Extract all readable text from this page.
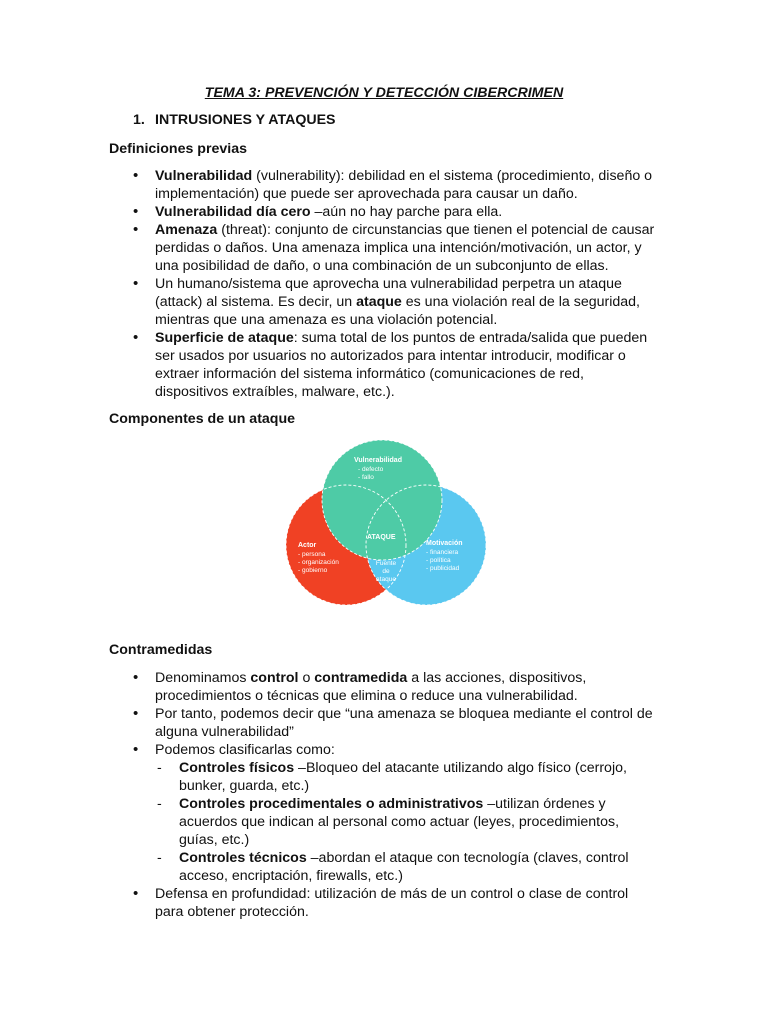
TEMA 3: PREVENCIÓN Y DETECCIÓN CIBERCRIMEN
1. INTRUSIONES Y ATAQUES
Definiciones previas
• Vulnerabilidad (vulnerability): debilidad en el sistema (procedimiento, diseño o implementación) que puede ser aprovechada para causar un daño.
• Vulnerabilidad día cero –aún no hay parche para ella.
• Amenaza (threat): conjunto de circunstancias que tienen el potencial de causar perdidas o daños. Una amenaza implica una intención/motivación, un actor, y una posibilidad de daño, o una combinación de un subconjunto de ellas.
• Un humano/sistema que aprovecha una vulnerabilidad perpetra un ataque (attack) al sistema. Es decir, un ataque es una violación real de la seguridad, mientras que una amenaza es una violación potencial.
• Superficie de ataque: suma total de los puntos de entrada/salida que pueden ser usados por usuarios no autorizados para intentar introducir, modificar o extraer información del sistema informático (comunicaciones de red, dispositivos extraíbles, malware, etc.).
Componentes de un ataque
Vulnerabilidad
- defecto
- fallo
Actor
- persona
- organización
- gobierno
Motivación
- financiera
- política
- publicidad
ATAQUE
Fuente
de
ataque
Contramedidas
• Denominamos control o contramedida a las acciones, dispositivos, procedimientos o técnicas que elimina o reduce una vulnerabilidad.
• Por tanto, podemos decir que “una amenaza se bloquea mediante el control de alguna vulnerabilidad”
• Podemos clasificarlas como:
- Controles físicos –Bloqueo del atacante utilizando algo físico (cerrojo, bunker, guarda, etc.)
- Controles procedimentales o administrativos –utilizan órdenes y acuerdos que indican al personal como actuar (leyes, procedimientos, guías, etc.)
- Controles técnicos –abordan el ataque con tecnología (claves, control acceso, encriptación, firewalls, etc.)
• Defensa en profundidad: utilización de más de un control o clase de control para obtener protección.
